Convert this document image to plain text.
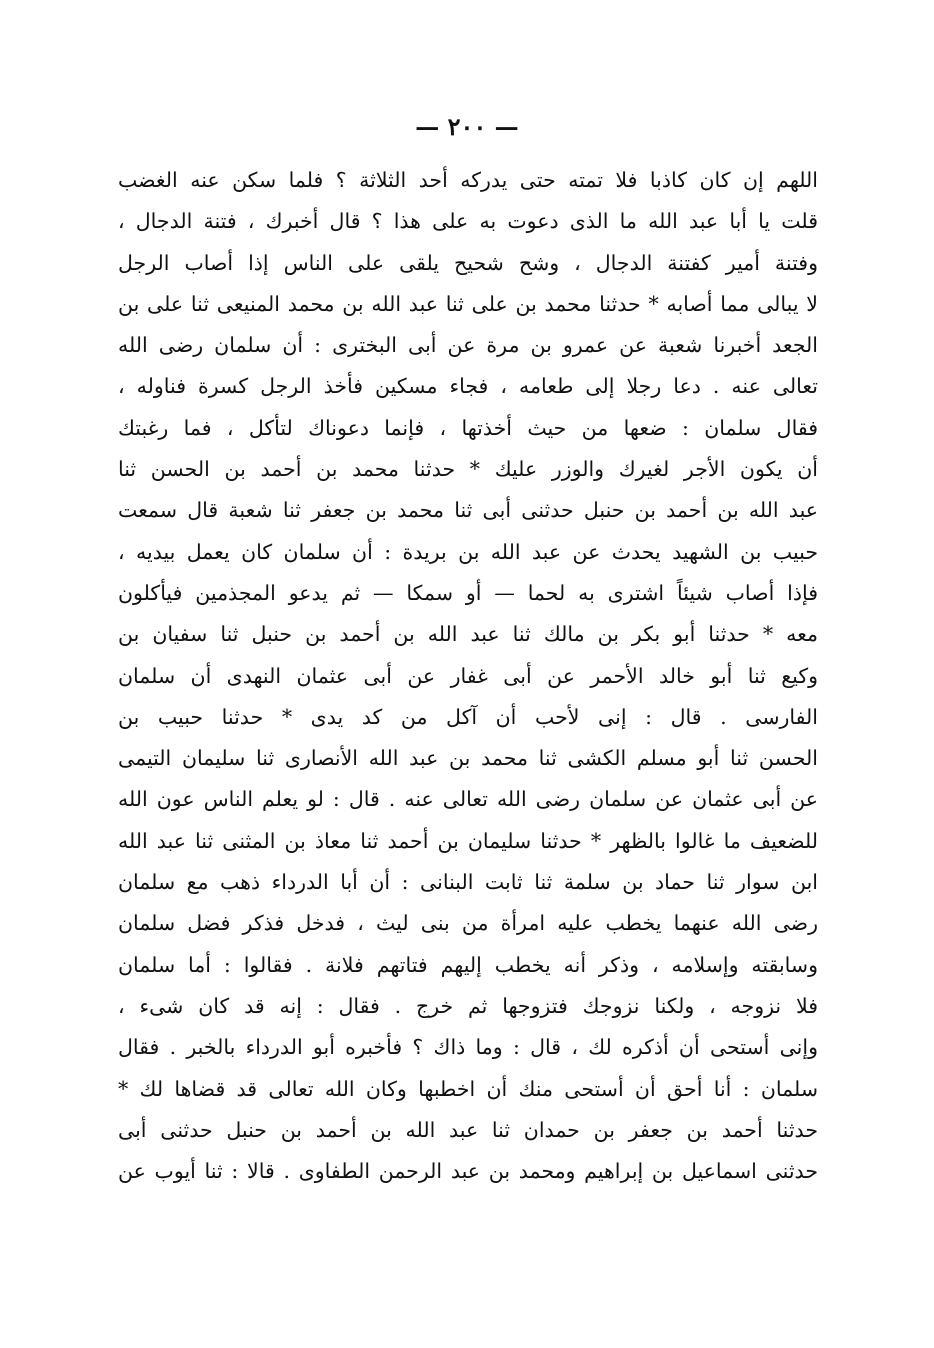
— ٢٠٠ —
اللهم إن كان كاذبا فلا تمته حتى يدركه أحد الثلاثة ؟ فلما سكن عنه الغضب
قلت يا أبا عبد الله ما الذى دعوت به على هذا ؟ قال أخبرك ، فتنة الدجال ،
وفتنة أمير كفتنة الدجال ، وشح شحيح يلقى على الناس إذا أصاب الرجل
لا يبالى مما أصابه * حدثنا محمد بن على ثنا عبد الله بن محمد المنيعى ثنا على بن
الجعد أخبرنا شعبة عن عمرو بن مرة عن أبى البخترى : أن سلمان رضى الله
تعالى عنه . دعا رجلا إلى طعامه ، فجاء مسكين فأخذ الرجل كسرة فناوله ،
فقال سلمان : ضعها من حيث أخذتها ، فإنما دعوناك لتأكل ، فما رغبتك
أن يكون الأجر لغيرك والوزر عليك * حدثنا محمد بن أحمد بن الحسن ثنا
عبد الله بن أحمد بن حنبل حدثنى أبى ثنا محمد بن جعفر ثنا شعبة قال سمعت
حبيب بن الشهيد يحدث عن عبد الله بن بريدة : أن سلمان كان يعمل بيديه ،
فإذا أصاب شيئاً اشترى به لحما — أو سمكا — ثم يدعو المجذمين فيأكلون
معه * حدثنا أبو بكر بن مالك ثنا عبد الله بن أحمد بن حنبل ثنا سفيان بن
وكيع ثنا أبو خالد الأحمر عن أبى غفار عن أبى عثمان النهدى أن سلمان
الفارسى . قال : إنى لأحب أن آكل من كد يدى * حدثنا حبيب بن
الحسن ثنا أبو مسلم الكشى ثنا محمد بن عبد الله الأنصارى ثنا سليمان التيمى
عن أبى عثمان عن سلمان رضى الله تعالى عنه . قال : لو يعلم الناس عون الله
للضعيف ما غالوا بالظهر * حدثنا سليمان بن أحمد ثنا معاذ بن المثنى ثنا عبد الله
ابن سوار ثنا حماد بن سلمة ثنا ثابت البنانى : أن أبا الدرداء ذهب مع سلمان
رضى الله عنهما يخطب عليه امرأة من بنى ليث ، فدخل فذكر فضل سلمان
وسابقته وإسلامه ، وذكر أنه يخطب إليهم فتاتهم فلانة . فقالوا : أما سلمان
فلا نزوجه ، ولكنا نزوجك فتزوجها ثم خرج . فقال : إنه قد كان شىء ،
وإنى أستحى أن أذكره لك ، قال : وما ذاك ؟ فأخبره أبو الدرداء بالخبر . فقال
سلمان : أنا أحق أن أستحى منك أن اخطبها وكان الله تعالى قد قضاها لك *
حدثنا أحمد بن جعفر بن حمدان ثنا عبد الله بن أحمد بن حنبل حدثنى أبى
حدثنى اسماعيل بن إبراهيم ومحمد بن عبد الرحمن الطفاوى . قالا : ثنا أيوب عن
